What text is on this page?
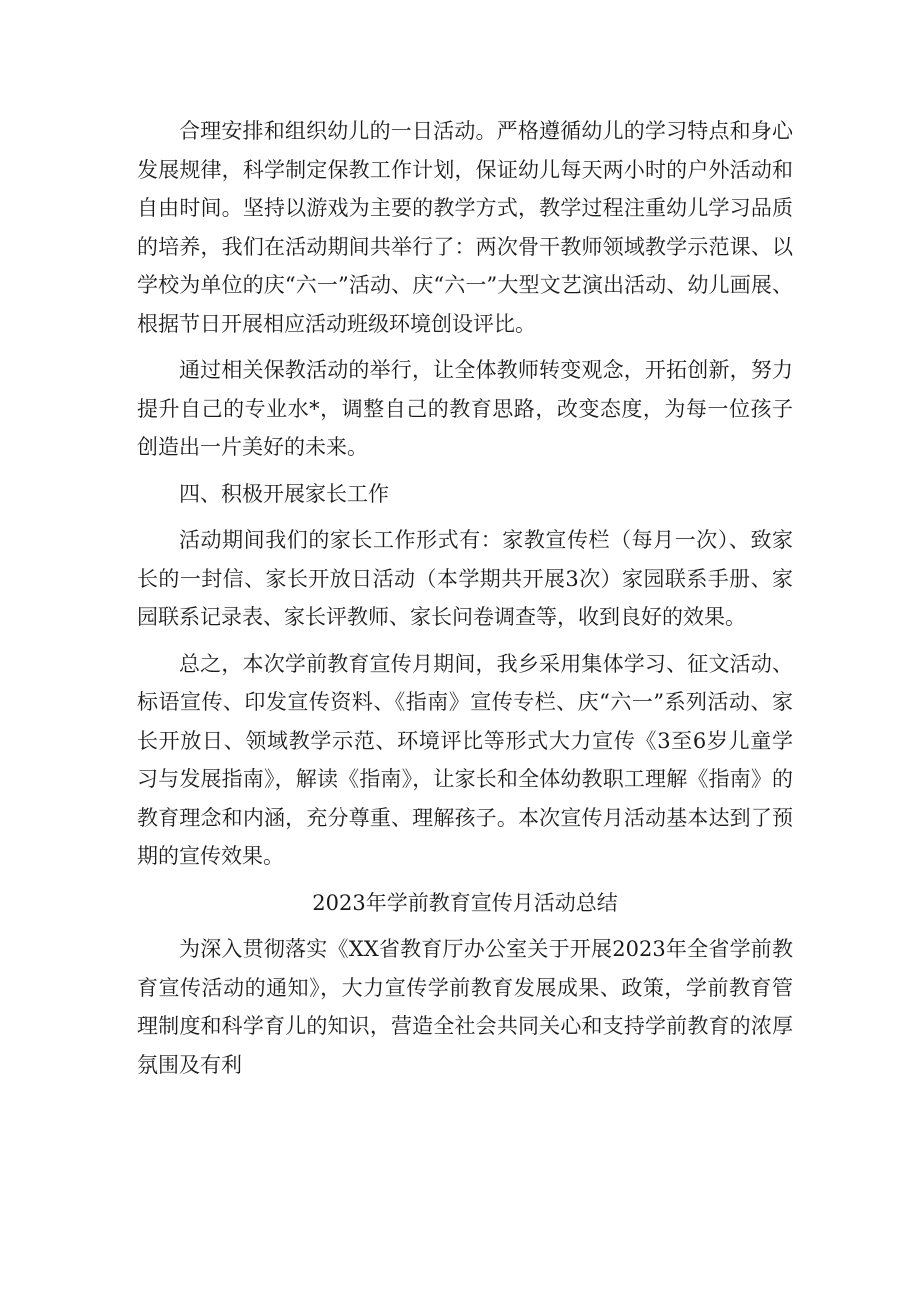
合理安排和组织幼儿的一日活动。严格遵循幼儿的学习特点和身心发展规律，科学制定保教工作计划，保证幼儿每天两小时的户外活动和自由时间。坚持以游戏为主要的教学方式，教学过程注重幼儿学习品质的培养，我们在活动期间共举行了：两次骨干教师领域教学示范课、以学校为单位的庆“六一”活动、庆“六一”大型文艺演出活动、幼儿画展、根据节日开展相应活动班级环境创设评比。

通过相关保教活动的举行，让全体教师转变观念，开拓创新，努力提升自己的专业水*，调整自己的教育思路，改变态度，为每一位孩子创造出一片美好的未来。

四、积极开展家长工作

活动期间我们的家长工作形式有：家教宣传栏（每月一次）、致家长的一封信、家长开放日活动（本学期共开展3次）家园联系手册、家园联系记录表、家长评教师、家长问卷调查等，收到良好的效果。

总之，本次学前教育宣传月期间，我乡采用集体学习、征文活动、标语宣传、印发宣传资料、《指南》宣传专栏、庆“六一”系列活动、家长开放日、领域教学示范、环境评比等形式大力宣传《3至6岁儿童学习与发展指南》，解读《指南》，让家长和全体幼教职工理解《指南》的教育理念和内涵，充分尊重、理解孩子。本次宣传月活动基本达到了预期的宣传效果。

2023年学前教育宣传月活动总结

为深入贯彻落实《XX省教育厅办公室关于开展2023年全省学前教育宣传活动的通知》，大力宣传学前教育发展成果、政策，学前教育管理制度和科学育儿的知识，营造全社会共同关心和支持学前教育的浓厚氛围及有利
